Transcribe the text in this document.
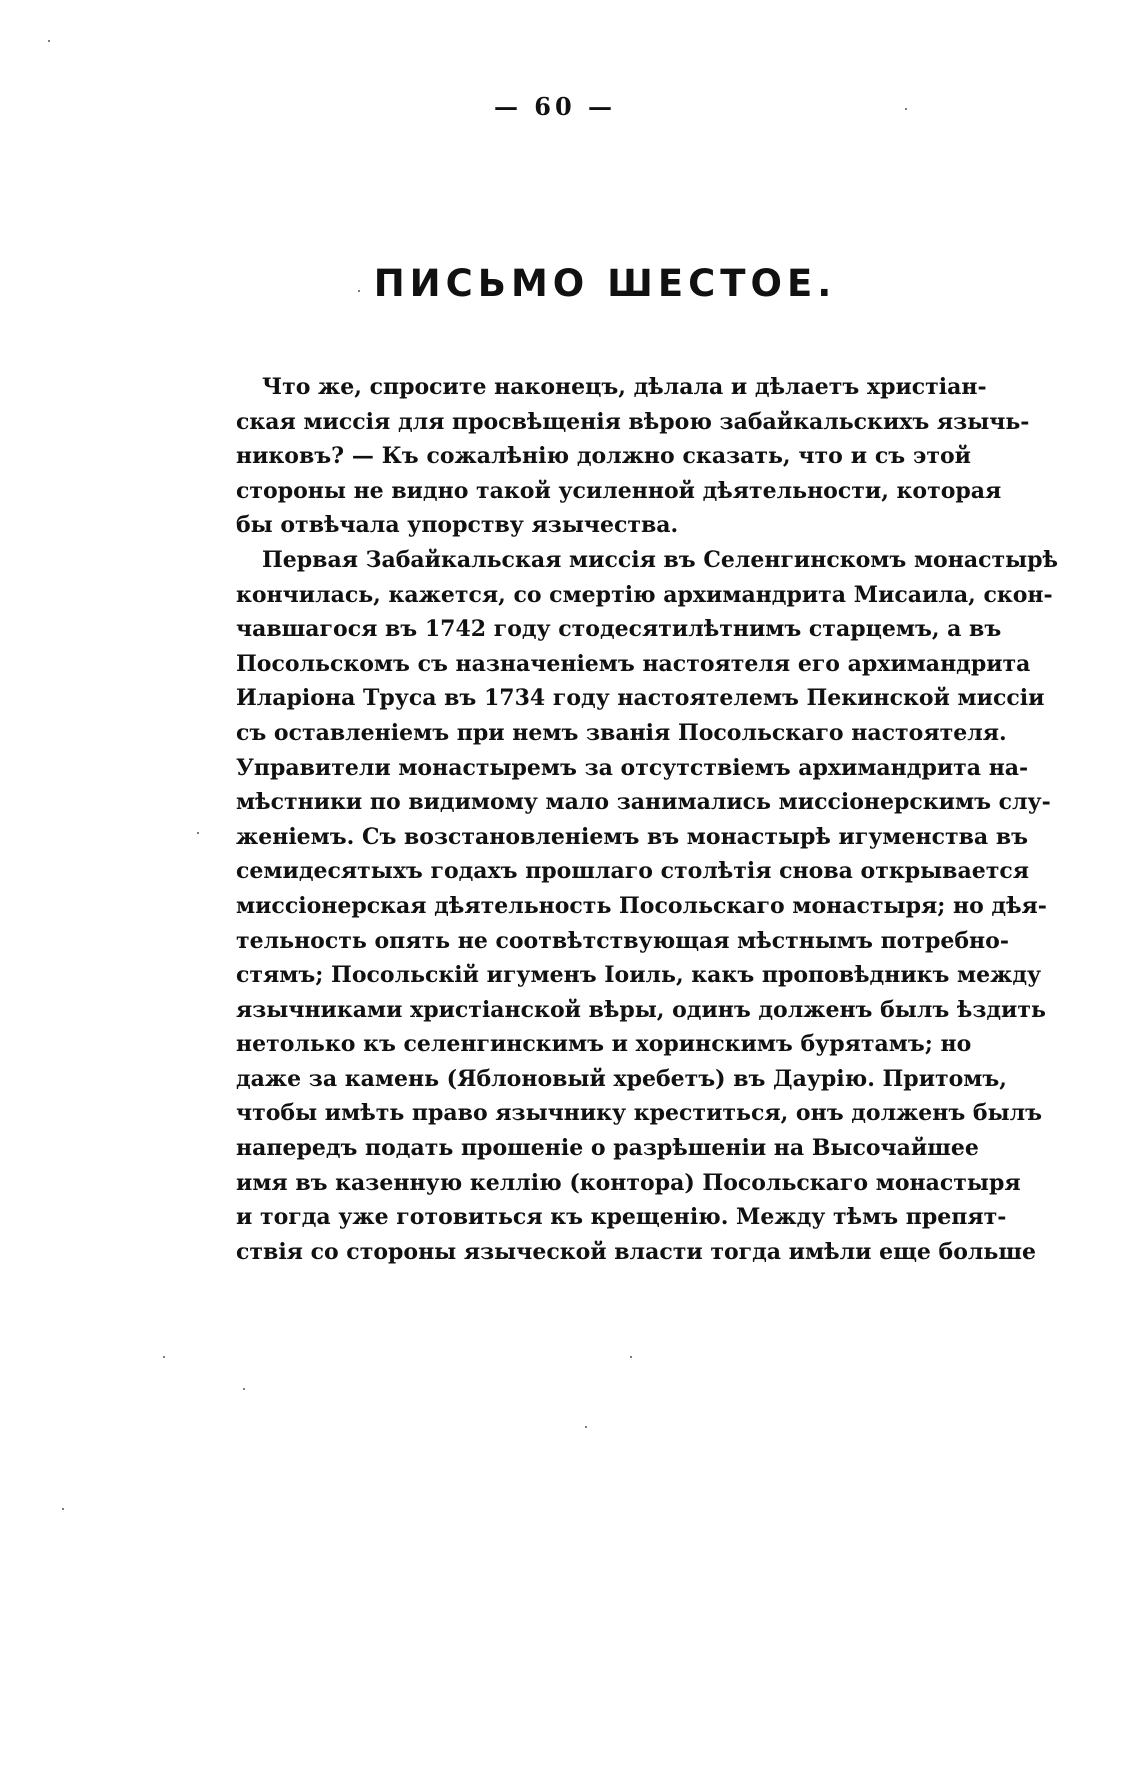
— 60 —
ПИСЬМО ШЕСТОЕ.
Что же, спросите наконецъ, дѣлала и дѣлаетъ христіан-
ская миссія для просвѣщенія вѣрою забайкальскихъ язычь-
никовъ? — Къ сожалѣнію должно сказать, что и съ этой
стороны не видно такой усиленной дѣятельности, которая
бы отвѣчала упорству язычества.
Первая Забайкальская миссія въ Селенгинскомъ монастырѣ
кончилась, кажется, со смертію архимандрита Мисаила, скон-
чавшагося въ 1742 году стодесятилѣтнимъ старцемъ, а въ
Посольскомъ съ назначеніемъ настоятеля его архимандрита
Иларіона Труса въ 1734 году настоятелемъ Пекинской миссіи
съ оставленіемъ при немъ званія Посольскаго настоятеля.
Управители монастыремъ за отсутствіемъ архимандрита на-
мѣстники по видимому мало занимались миссіонерскимъ слу-
женіемъ. Съ возстановленіемъ въ монастырѣ игуменства въ
семидесятыхъ годахъ прошлаго столѣтія снова открывается
миссіонерская дѣятельность Посольскаго монастыря; но дѣя-
тельность опять не соотвѣтствующая мѣстнымъ потребно-
стямъ; Посольскій игуменъ Іоиль, какъ проповѣдникъ между
язычниками христіанской вѣры, одинъ долженъ былъ ѣздить
нетолько къ селенгинскимъ и хоринскимъ бурятамъ; но
даже за камень (Яблоновый хребетъ) въ Даурію. Притомъ,
чтобы имѣть право язычнику креститься, онъ долженъ былъ
напередъ подать прошеніе о разрѣшеніи на Высочайшее
имя въ казенную келлію (контора) Посольскаго монастыря
и тогда уже готовиться къ крещенію. Между тѣмъ препят-
ствія со стороны языческой власти тогда имѣли еще больше
